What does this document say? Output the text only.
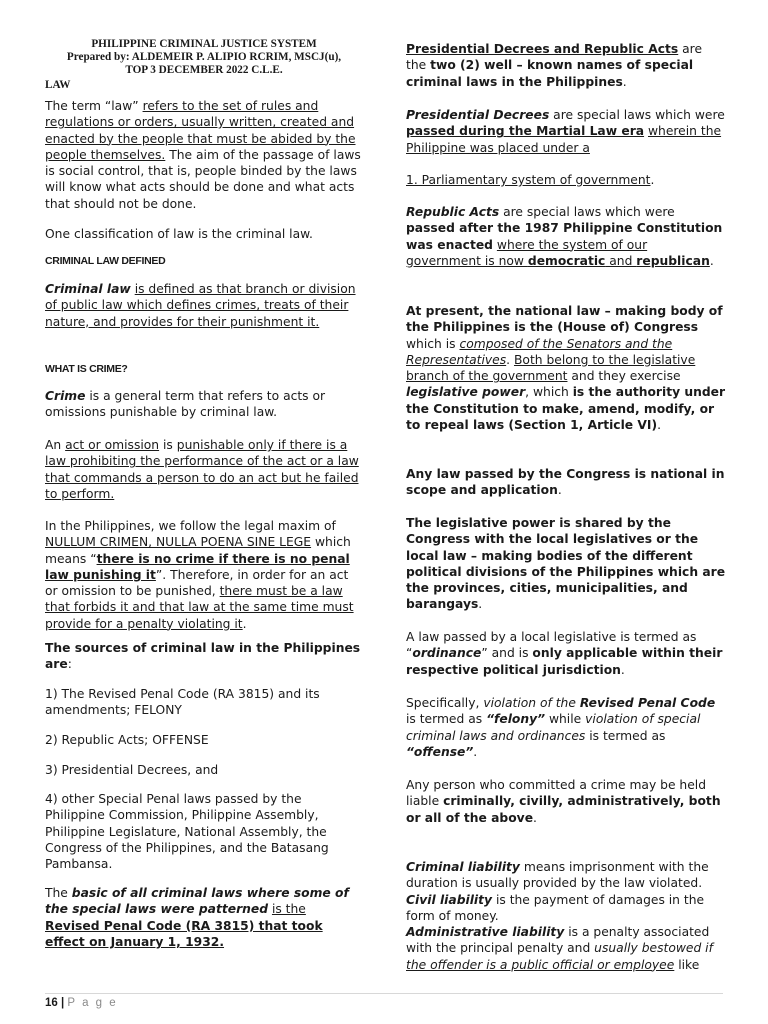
PHILIPPINE CRIMINAL JUSTICE SYSTEM
Prepared by: ALDEMEIR P. ALIPIO RCRIM, MSCJ(u),
TOP 3 DECEMBER 2022 C.L.E.
LAW

The term “law” refers to the set of rules and regulations or orders, usually written, created and enacted by the people that must be abided by the people themselves. The aim of the passage of laws is social control, that is, people binded by the laws will know what acts should be done and what acts that should not be done.

One classification of law is the criminal law.

CRIMINAL LAW DEFINED

Criminal law is defined as that branch or division of public law which defines crimes, treats of their nature, and provides for their punishment it.

WHAT IS CRIME?

Crime is a general term that refers to acts or omissions punishable by criminal law.

An act or omission is punishable only if there is a law prohibiting the performance of the act or a law that commands a person to do an act but he failed to perform.

In the Philippines, we follow the legal maxim of NULLUM CRIMEN, NULLA POENA SINE LEGE which means “there is no crime if there is no penal law punishing it”. Therefore, in order for an act or omission to be punished, there must be a law that forbids it and that law at the same time must provide for a penalty violating it.

The sources of criminal law in the Philippines are:

1) The Revised Penal Code (RA 3815) and its amendments; FELONY

2) Republic Acts; OFFENSE

3) Presidential Decrees, and

4) other Special Penal laws passed by the Philippine Commission, Philippine Assembly, Philippine Legislature, National Assembly, the Congress of the Philippines, and the Batasang Pambansa.

The basic of all criminal laws where some of the special laws were patterned is the Revised Penal Code (RA 3815) that took effect on January 1, 1932.

Presidential Decrees and Republic Acts are the two (2) well – known names of special criminal laws in the Philippines.

Presidential Decrees are special laws which were passed during the Martial Law era wherein the Philippine was placed under a

1. Parliamentary system of government.

Republic Acts are special laws which were passed after the 1987 Philippine Constitution was enacted where the system of our government is now democratic and republican.

At present, the national law – making body of the Philippines is the (House of) Congress which is composed of the Senators and the Representatives. Both belong to the legislative branch of the government and they exercise legislative power, which is the authority under the Constitution to make, amend, modify, or to repeal laws (Section 1, Article VI).

Any law passed by the Congress is national in scope and application.

The legislative power is shared by the Congress with the local legislatives or the local law – making bodies of the different political divisions of the Philippines which are the provinces, cities, municipalities, and barangays.

A law passed by a local legislative is termed as “ordinance” and is only applicable within their respective political jurisdiction.

Specifically, violation of the Revised Penal Code is termed as “felony” while violation of special criminal laws and ordinances is termed as “offense”.

Any person who committed a crime may be held liable criminally, civilly, administratively, both or all of the above.

Criminal liability means imprisonment with the duration is usually provided by the law violated.

Civil liability is the payment of damages in the form of money.

Administrative liability is a penalty associated with the principal penalty and usually bestowed if the offender is a public official or employee like

16 | P a g e
